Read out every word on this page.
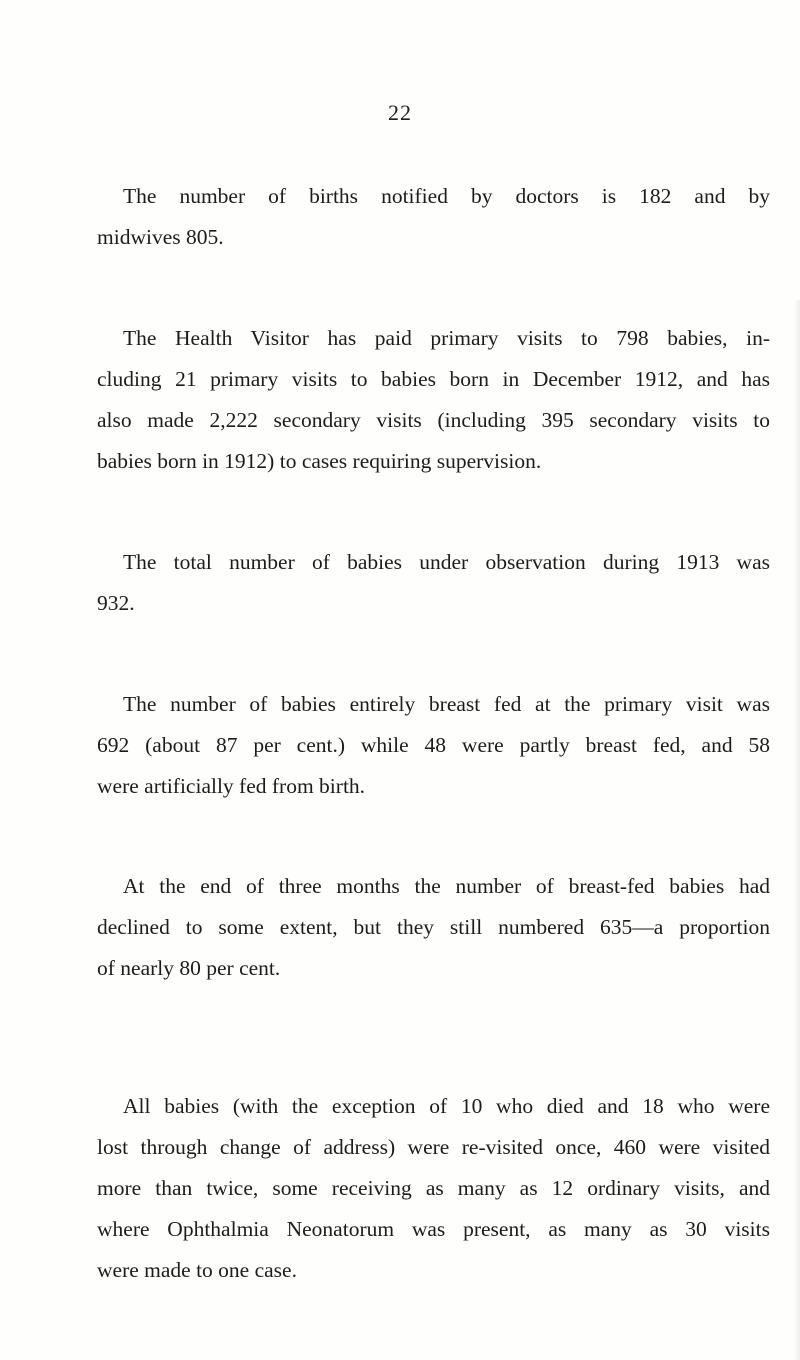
22
The number of births notified by doctors is 182 and by
midwives 805.
The Health Visitor has paid primary visits to 798 babies, in-
cluding 21 primary visits to babies born in December 1912, and has
also made 2,222 secondary visits (including 395 secondary visits to
babies born in 1912) to cases requiring supervision.
The total number of babies under observation during 1913 was
932.
The number of babies entirely breast fed at the primary visit was
692 (about 87 per cent.) while 48 were partly breast fed, and 58
were artificially fed from birth.
At the end of three months the number of breast-fed babies had
declined to some extent, but they still numbered 635—a proportion
of nearly 80 per cent.
All babies (with the exception of 10 who died and 18 who were
lost through change of address) were re-visited once, 460 were visited
more than twice, some receiving as many as 12 ordinary visits, and
where Ophthalmia Neonatorum was present, as many as 30 visits
were made to one case.
